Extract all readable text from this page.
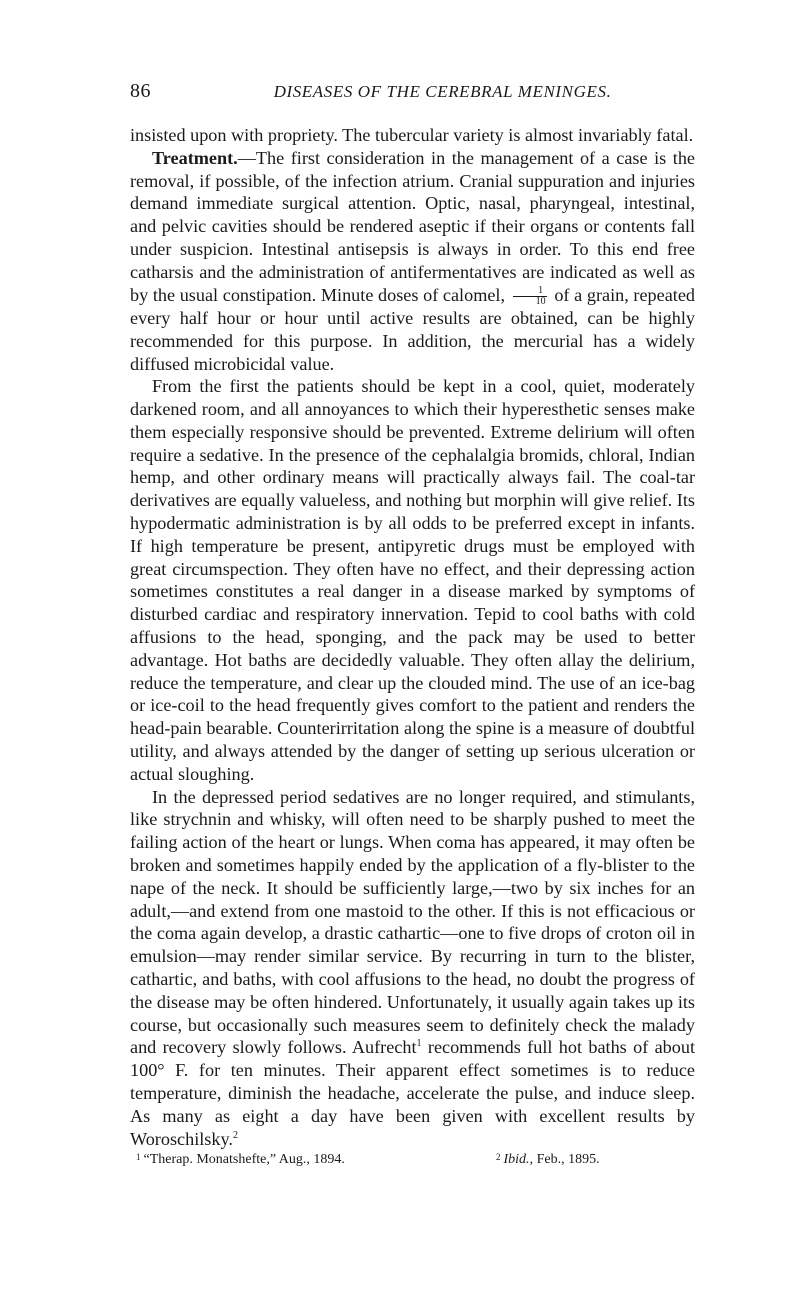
86	DISEASES OF THE CEREBRAL MENINGES.

insisted upon with propriety. The tubercular variety is almost invariably fatal.

Treatment.—The first consideration in the management of a case is the removal, if possible, of the infection atrium. Cranial suppuration and injuries demand immediate surgical attention. Optic, nasal, pharyngeal, intestinal, and pelvic cavities should be rendered aseptic if their organs or contents fall under suspicion. Intestinal antisepsis is always in order. To this end free catharsis and the administration of antifermentatives are indicated as well as by the usual constipation. Minute doses of calomel, $\frac{1}{10}$ of a grain, repeated every half hour or hour until active results are obtained, can be highly recommended for this purpose. In addition, the mercurial has a widely diffused microbicidal value.

From the first the patients should be kept in a cool, quiet, moderately darkened room, and all annoyances to which their hyperesthetic senses make them especially responsive should be prevented. Extreme delirium will often require a sedative. In the presence of the cephalalgia bromids, chloral, Indian hemp, and other ordinary means will practically always fail. The coal-tar derivatives are equally valueless, and nothing but morphin will give relief. Its hypodermatic administration is by all odds to be preferred except in infants. If high temperature be present, antipyretic drugs must be employed with great circumspection. They often have no effect, and their depressing action sometimes constitutes a real danger in a disease marked by symptoms of disturbed cardiac and respiratory innervation. Tepid to cool baths with cold affusions to the head, sponging, and the pack may be used to better advantage. Hot baths are decidedly valuable. They often allay the delirium, reduce the temperature, and clear up the clouded mind. The use of an ice-bag or ice-coil to the head frequently gives comfort to the patient and renders the head-pain bearable. Counterirritation along the spine is a measure of doubtful utility, and always attended by the danger of setting up serious ulceration or actual sloughing.

In the depressed period sedatives are no longer required, and stimulants, like strychnin and whisky, will often need to be sharply pushed to meet the failing action of the heart or lungs. When coma has appeared, it may often be broken and sometimes happily ended by the application of a fly-blister to the nape of the neck. It should be sufficiently large,—two by six inches for an adult,—and extend from one mastoid to the other. If this is not efficacious or the coma again develop, a drastic cathartic—one to five drops of croton oil in emulsion—may render similar service. By recurring in turn to the blister, cathartic, and baths, with cool affusions to the head, no doubt the progress of the disease may be often hindered. Unfortunately, it usually again takes up its course, but occasionally such measures seem to definitely check the malady and recovery slowly follows. Aufrecht$^1$ recommends full hot baths of about 100° F. for ten minutes. Their apparent effect sometimes is to reduce temperature, diminish the headache, accelerate the pulse, and induce sleep. As many as eight a day have been given with excellent results by Woroschilsky.$^2$

$^1$ “Therap. Monatshefte,” Aug., 1894.	$^2$ Ibid., Feb., 1895.
